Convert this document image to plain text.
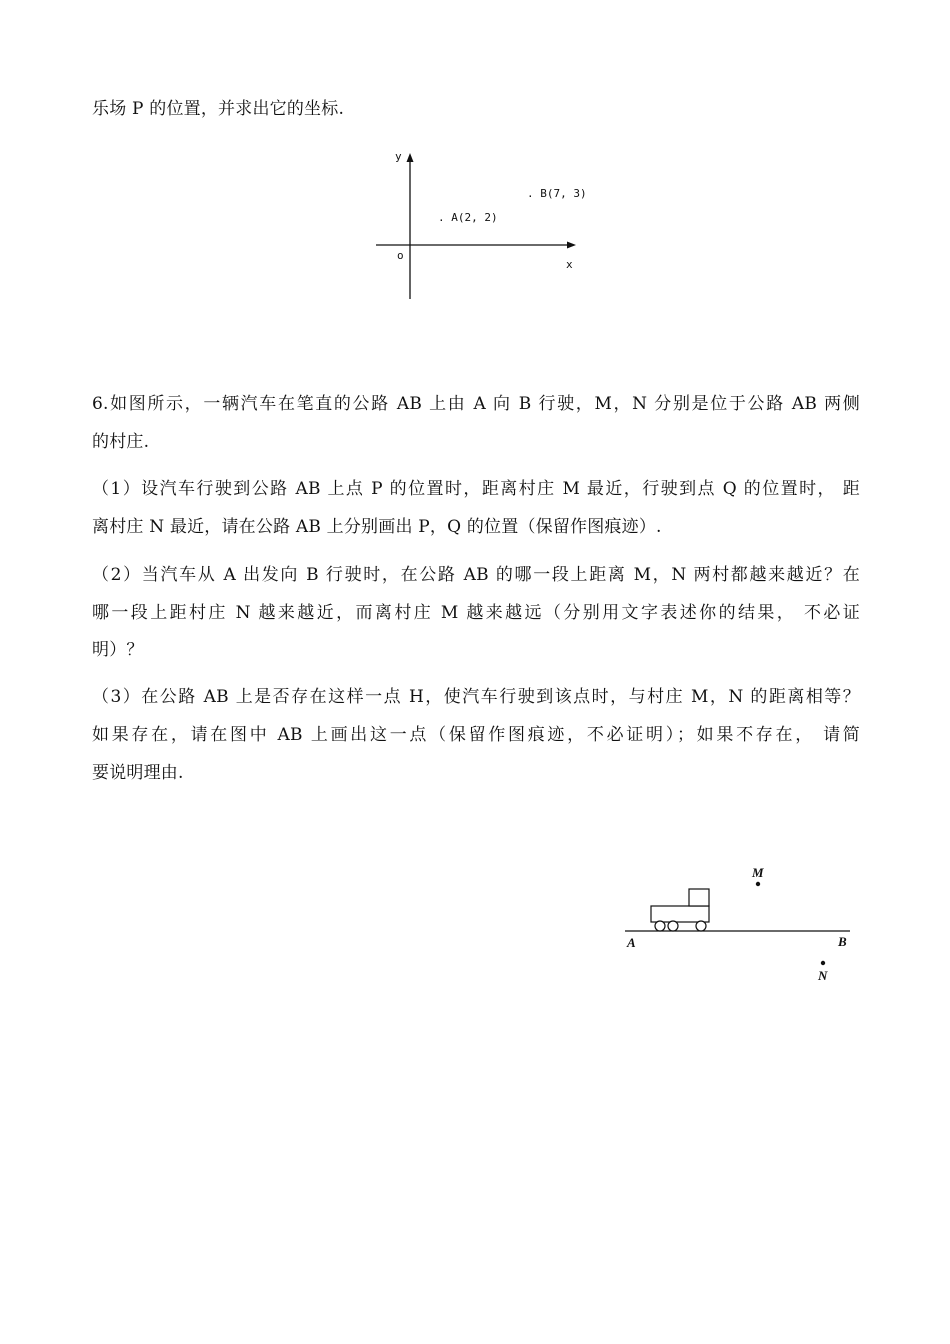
乐场 P 的位置，并求出它的坐标.
6.如图所示，一辆汽车在笔直的公路 AB 上由 A 向 B 行驶，M，N 分别是位于公路 AB 两侧
的村庄.
（1）设汽车行驶到公路 AB 上点 P 的位置时，距离村庄 M 最近，行驶到点 Q 的位置时， 距
离村庄 N 最近，请在公路 AB 上分别画出 P，Q 的位置（保留作图痕迹）.
（2）当汽车从 A 出发向 B 行驶时，在公路 AB 的哪一段上距离 M，N 两村都越来越近？在
哪一段上距村庄 N 越来越近，而离村庄 M 越来越远（分别用文字表述你的结果， 不必证
明）？
（3）在公路 AB 上是否存在这样一点 H，使汽车行驶到该点时，与村庄 M，N 的距离相等？
如果存在，请在图中 AB 上画出这一点（保留作图痕迹，不必证明）；如果不存在， 请简
要说明理由.
y
x
o
. A(2, 2)
. B(7, 3)
A	B
M
N
